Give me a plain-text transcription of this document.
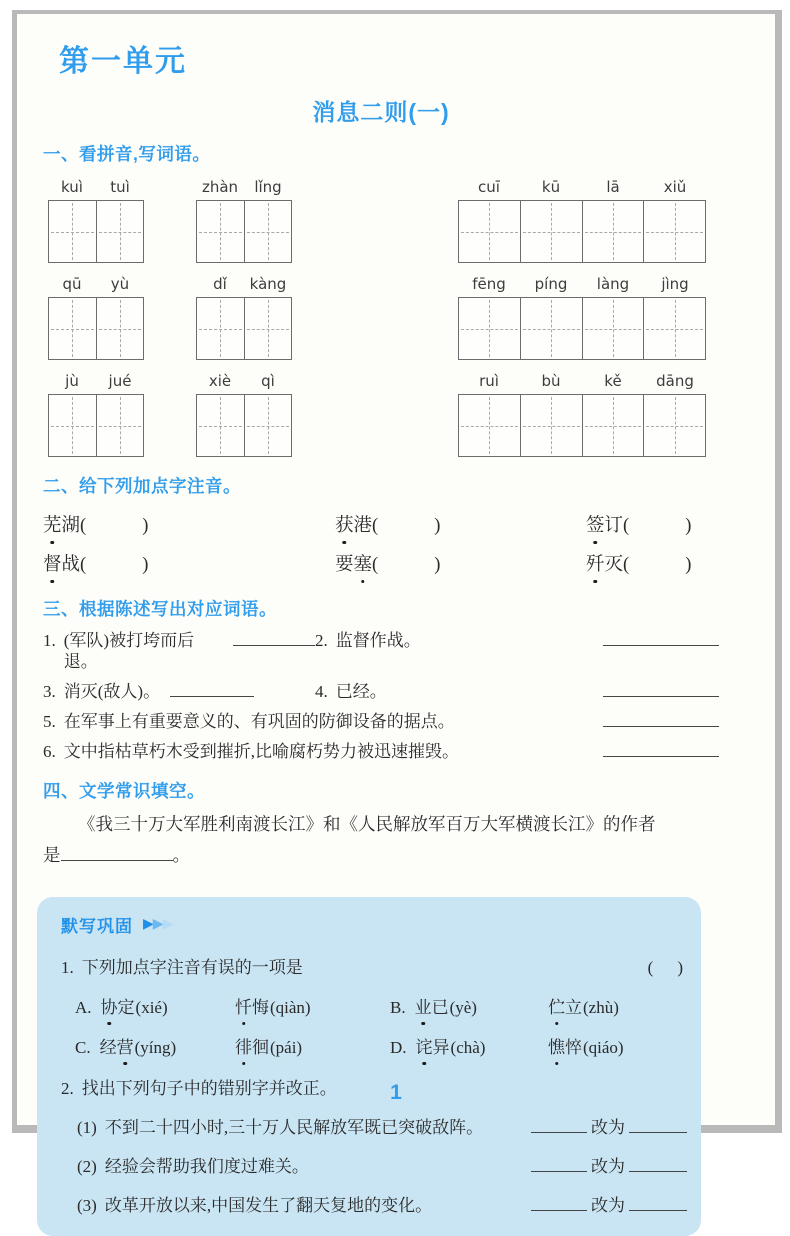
第一单元
消息二则(一)
一、看拼音,写词语。
kuì	tuì	zhàn	lǐng	cuī	kū	lā	xiǔ
qū	yù	dǐ	kàng	fēng	píng	làng	jìng
jù	jué	xiè	qì	ruì	bù	kě	dāng
二、给下列加点字注音。
芜 湖 (	)	获 港 (	)	签 订 (	)
督 战 (	)	要 塞 (	)	歼 灭 (	)
三、根据陈述写出对应词语。
1. (军队)被打垮而后退。
2. 监督作战。
3. 消灭(敌人)。	4. 已经。
5. 在军事上有重要意义的、有巩固的防御设备的据点。
6. 文中指枯草朽木受到摧折,比喻腐朽势力被迅速摧毁。
四、文学常识填空。

《我三十万大军胜利南渡长江》和《人民解放军百万大军横渡长江》的作者
是	。

默写巩固 ▶▶▶
1. 下列加点字注音有误的一项是	( )
A. 协 定 (xié)	忏 悔 (qiàn)	B. 业 已 (yè)	伫 立 (zhù)
C. 经 营 (yíng)	徘 徊 (pái)	D. 诧 异 (chà)	憔 悴 (qiáo)
2. 找出下列句子中的错别字并改正。
(1) 不到二十四小时,三十万人民解放军既已突破敌阵。	改为
(2) 经验会帮助我们度过难关。	改为
(3) 改革开放以来,中国发生了翻天复地的变化。	改为
1
